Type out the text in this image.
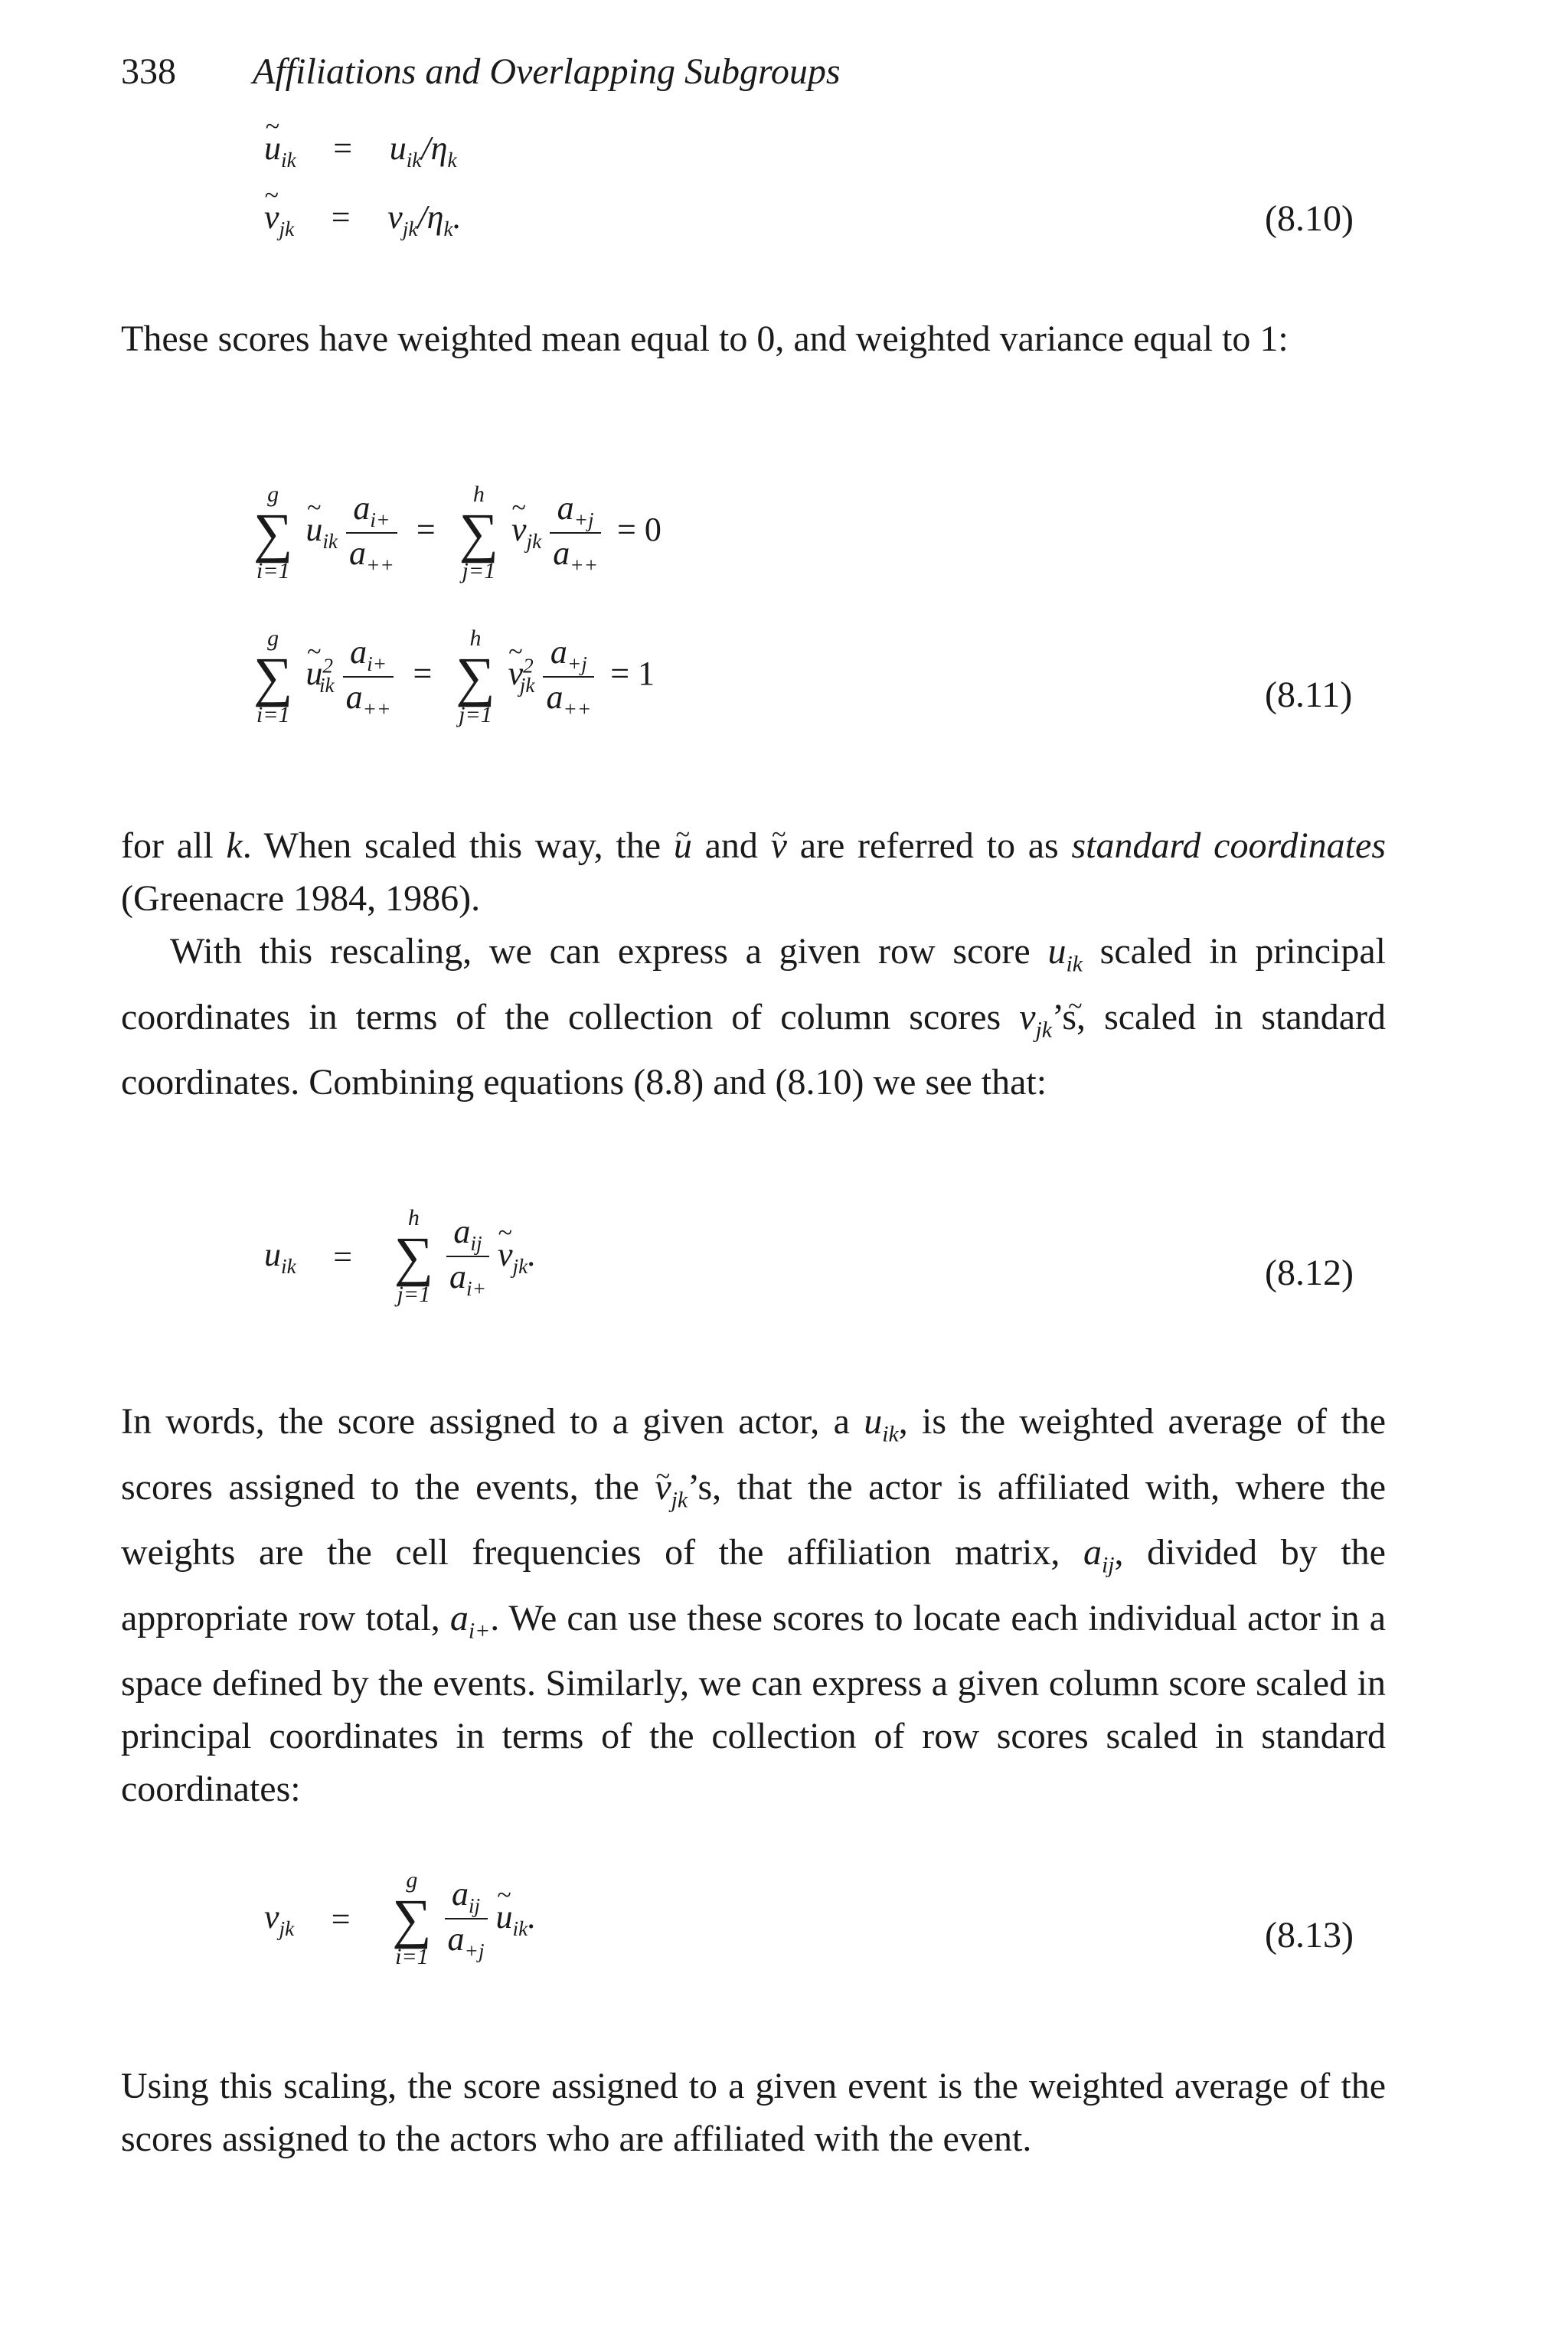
338 Affiliations and Overlapping Subgroups
~ $u_{ik} = u_{ik}/\eta_k$
~ $v_{jk} = v_{jk}/\eta_k$.	(8.10)

These scores have weighted mean equal to 0, and weighted variance equal to 1:

g
∑
i=1
~ $u_{ik} \frac{a_{i+}}{a_{++}}$ =
h
∑
j=1
~ $v_{jk} \frac{a_{+j}}{a_{++}} = 0$
g
∑
i=1
~ $u^2_{ik} \frac{a_{i+}}{a_{++}}$ =
h
∑
j=1
~ $v^2_{jk} \frac{a_{+j}}{a_{++}} = 1$
(8.11)

for all k. When scaled this way, the ~ u and ~ v are referred to as standard coordinates (Greenacre 1984, 1986).

With this rescaling, we can express a given row score $u_{ik}$ scaled in principal coordinates in terms of the collection of column scores ~ $v_{jk}’s$, scaled in standard coordinates. Combining equations (8.8) and (8.10) we see that:

$u_{ik}$ =
h
∑
j=1
$\frac{a_{ij}}{a_{i+}}$ ~ $v_{jk}$.	(8.12)

In words, the score assigned to a given actor, a $u_{ik}$, is the weighted average of the scores assigned to the events, the ~ $v_{jk}’s$, that the actor is affiliated with, where the weights are the cell frequencies of the affiliation matrix, $a_{ij}$, divided by the appropriate row total, $a_{i+}$. We can use these scores to locate each individual actor in a space defined by the events. Similarly, we can express a given column score scaled in principal coordinates in terms of the collection of row scores scaled in standard coordinates:

$v_{jk}$ =
g
∑
i=1
$\frac{a_{ij}}{a_{+j}}$ ~ $u_{ik}$.	(8.13)

Using this scaling, the score assigned to a given event is the weighted average of the scores assigned to the actors who are affiliated with the event.
